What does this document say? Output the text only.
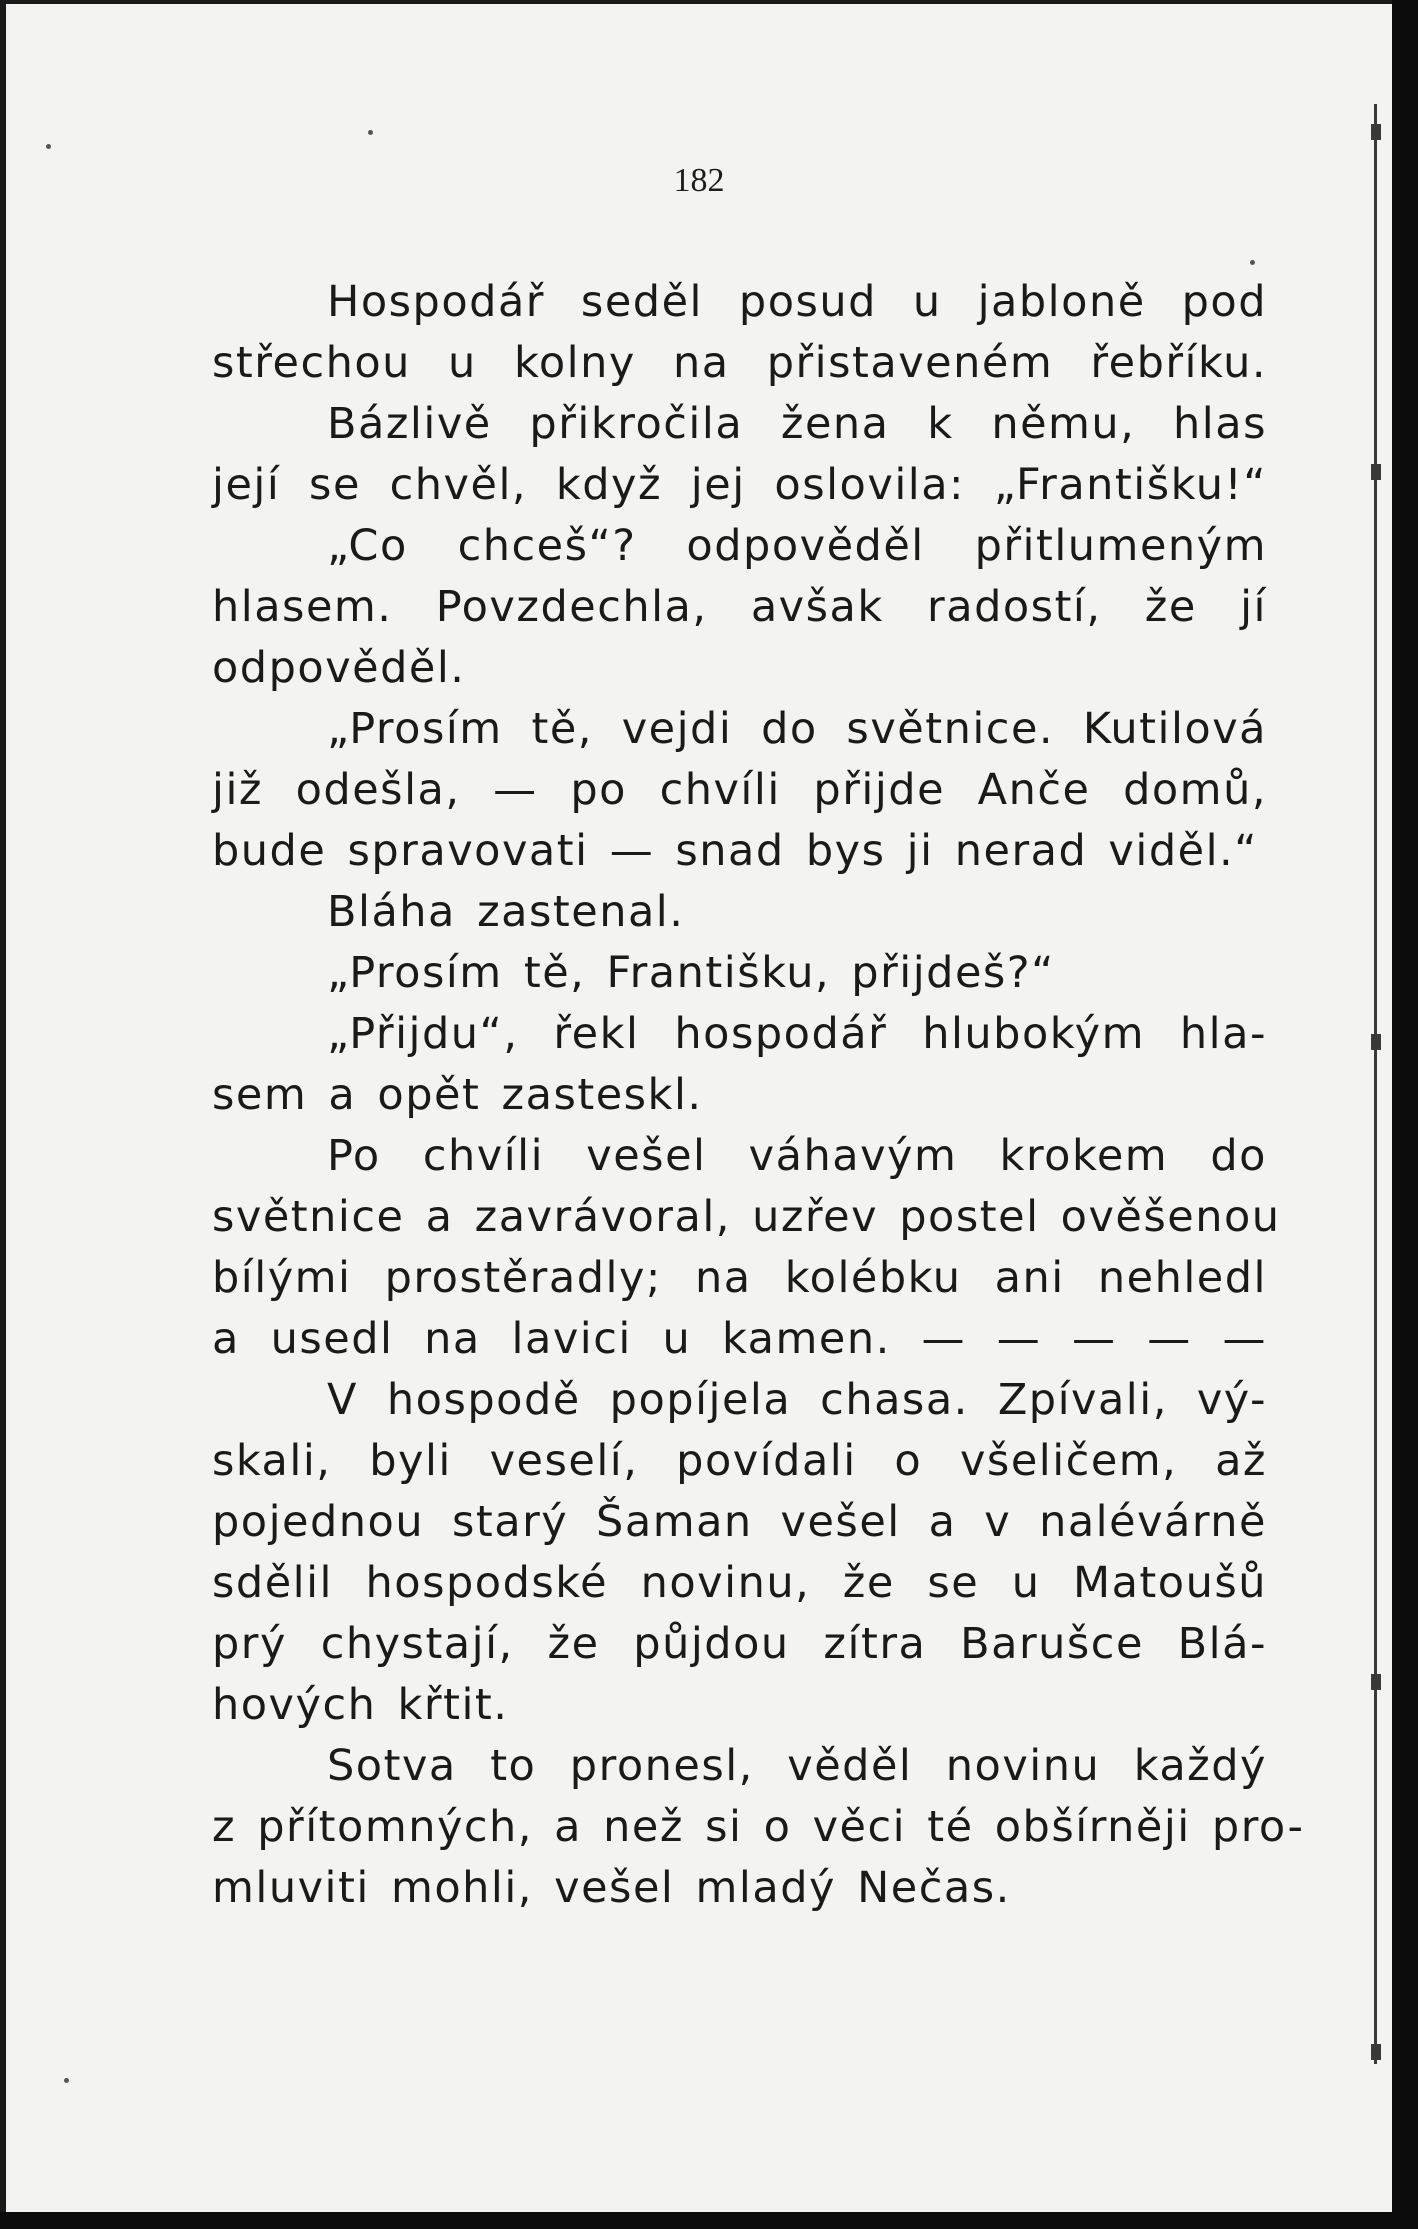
182

Hospodář seděl posud u jabloně pod
střechou u kolny na přistaveném řebříku.
Bázlivě přikročila žena k němu, hlas
její se chvěl, když jej oslovila: „Františku!“
„Co chceš“? odpověděl přitlumeným
hlasem. Povzdechla, avšak radostí, že jí
odpověděl.
„Prosím tě, vejdi do světnice. Kutilová
již odešla, — po chvíli přijde Anče domů,
bude spravovati — snad bys ji nerad viděl.“
Bláha zastenal.
„Prosím tě, Františku, přijdeš?“
„Přijdu“, řekl hospodář hlubokým hla-
sem a opět zasteskl.
Po chvíli vešel váhavým krokem do
světnice a zavrávoral, uzřev postel ověšenou
bílými prostěradly; na kolébku ani nehledl
a usedl na lavici u kamen. — — — — —
V hospodě popíjela chasa. Zpívali, vý-
skali, byli veselí, povídali o všeličem, až
pojednou starý Šaman vešel a v nalévárně
sdělil hospodské novinu, že se u Matoušů
prý chystají, že půjdou zítra Barušce Blá-
hových křtit.
Sotva to pronesl, věděl novinu každý
z přítomných, a než si o věci té obšírněji pro-
mluviti mohli, vešel mladý Nečas.
